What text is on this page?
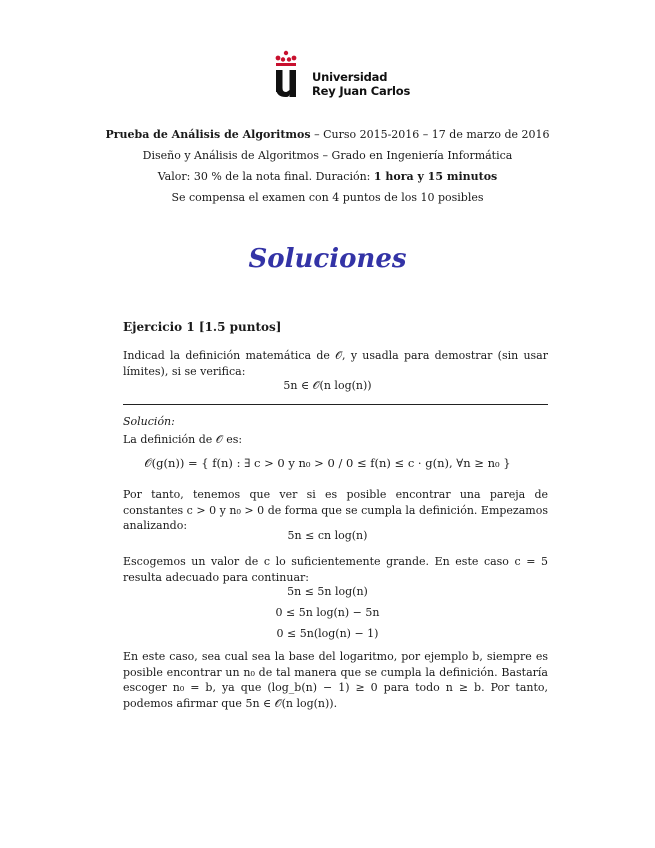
Universidad
Rey Juan Carlos
Prueba de Análisis de Algoritmos – Curso 2015-2016 – 17 de marzo de 2016
Diseño y Análisis de Algoritmos – Grado en Ingeniería Informática
Valor: 30 % de la nota final. Duración: 1 hora y 15 minutos
Se compensa el examen con 4 puntos de los 10 posibles
Soluciones
Ejercicio 1 [1.5 puntos]
Indicad la definición matemática de 𝒪, y usadla para demostrar (sin usar límites), si se verifica:
5n ∈ 𝒪(n log(n))
Solución:
La definición de 𝒪 es:
𝒪(g(n)) = { f(n) : ∃ c > 0 y n₀ > 0 / 0 ≤ f(n) ≤ c · g(n), ∀n ≥ n₀ }
Por tanto, tenemos que ver si es posible encontrar una pareja de constantes c > 0 y n₀ > 0 de forma que se cumpla la definición. Empezamos analizando:
5n ≤ cn log(n)
Escogemos un valor de c lo suficientemente grande. En este caso c = 5 resulta adecuado para continuar:
5n ≤ 5n log(n)
0 ≤ 5n log(n) − 5n
0 ≤ 5n(log(n) − 1)
En este caso, sea cual sea la base del logaritmo, por ejemplo b, siempre es posible encontrar un n₀ de tal manera que se cumpla la definición. Bastaría escoger n₀ = b, ya que (log_b(n) − 1) ≥ 0 para todo n ≥ b. Por tanto, podemos afirmar que 5n ∈ 𝒪(n log(n)).
